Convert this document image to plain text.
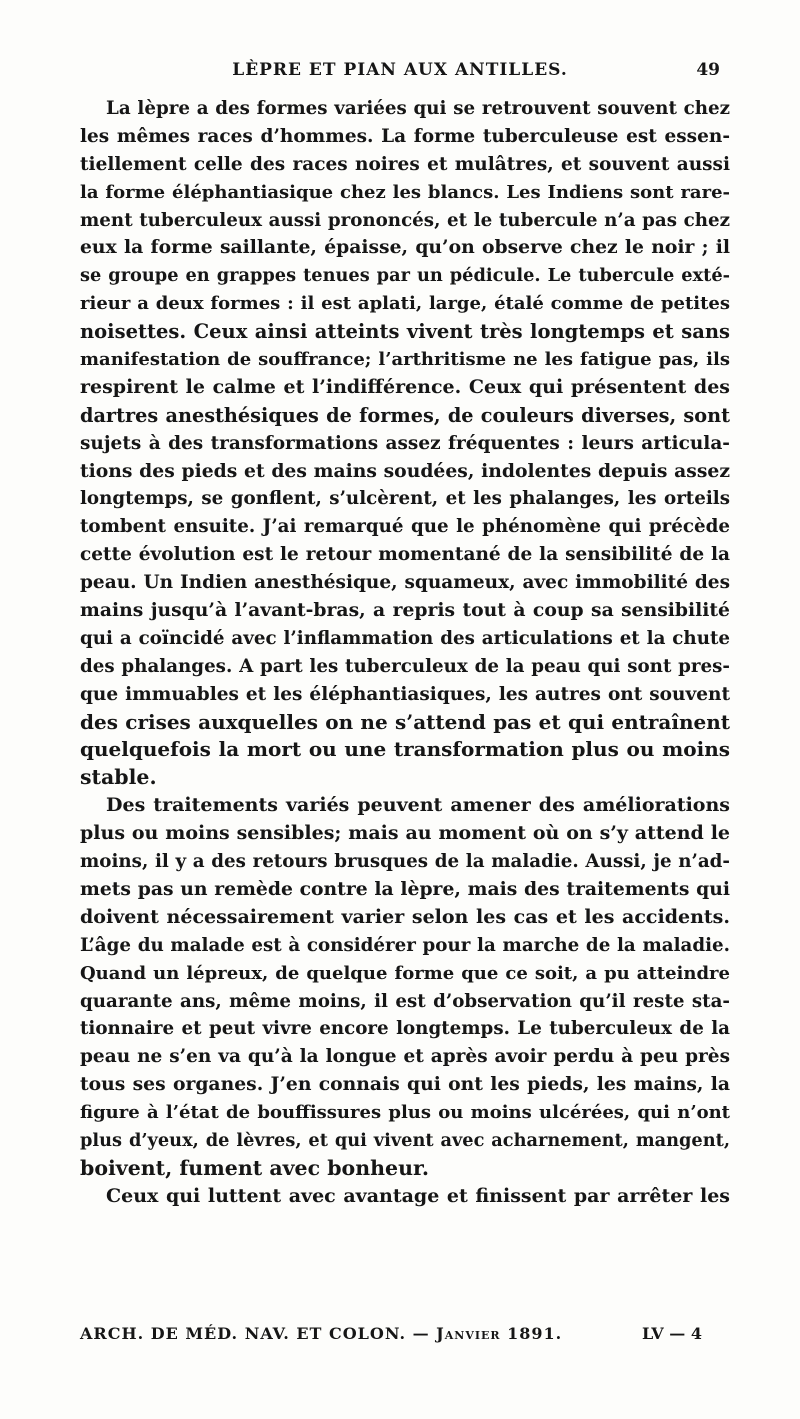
LÈPRE ET PIAN AUX ANTILLES.	49
La lèpre a des formes variées qui se retrouvent souvent chez
les mêmes races d’hommes. La forme tuberculeuse est essen-
tiellement celle des races noires et mulâtres, et souvent aussi
la forme éléphantiasique chez les blancs. Les Indiens sont rare-
ment tuberculeux aussi prononcés, et le tubercule n’a pas chez
eux la forme saillante, épaisse, qu’on observe chez le noir ; il
se groupe en grappes tenues par un pédicule. Le tubercule exté-
rieur a deux formes : il est aplati, large, étalé comme de petites
noisettes. Ceux ainsi atteints vivent très longtemps et sans
manifestation de souffrance; l’arthritisme ne les fatigue pas, ils
respirent le calme et l’indifférence. Ceux qui présentent des
dartres anesthésiques de formes, de couleurs diverses, sont
sujets à des transformations assez fréquentes : leurs articula-
tions des pieds et des mains soudées, indolentes depuis assez
longtemps, se gonflent, s’ulcèrent, et les phalanges, les orteils
tombent ensuite. J’ai remarqué que le phénomène qui précède
cette évolution est le retour momentané de la sensibilité de la
peau. Un Indien anesthésique, squameux, avec immobilité des
mains jusqu’à l’avant-bras, a repris tout à coup sa sensibilité
qui a coïncidé avec l’inflammation des articulations et la chute
des phalanges. A part les tuberculeux de la peau qui sont pres-
que immuables et les éléphantiasiques, les autres ont souvent
des crises auxquelles on ne s’attend pas et qui entraînent
quelquefois la mort ou une transformation plus ou moins
stable.
Des traitements variés peuvent amener des améliorations
plus ou moins sensibles; mais au moment où on s’y attend le
moins, il y a des retours brusques de la maladie. Aussi, je n’ad-
mets pas un remède contre la lèpre, mais des traitements qui
doivent nécessairement varier selon les cas et les accidents.
L’âge du malade est à considérer pour la marche de la maladie.
Quand un lépreux, de quelque forme que ce soit, a pu atteindre
quarante ans, même moins, il est d’observation qu’il reste sta-
tionnaire et peut vivre encore longtemps. Le tuberculeux de la
peau ne s’en va qu’à la longue et après avoir perdu à peu près
tous ses organes. J’en connais qui ont les pieds, les mains, la
figure à l’état de bouffissures plus ou moins ulcérées, qui n’ont
plus d’yeux, de lèvres, et qui vivent avec acharnement, mangent,
boivent, fument avec bonheur.
Ceux qui luttent avec avantage et finissent par arrêter les
ARCH. DE MÉD. NAV. ET COLON. — Janvier 1891.	LV — 4
